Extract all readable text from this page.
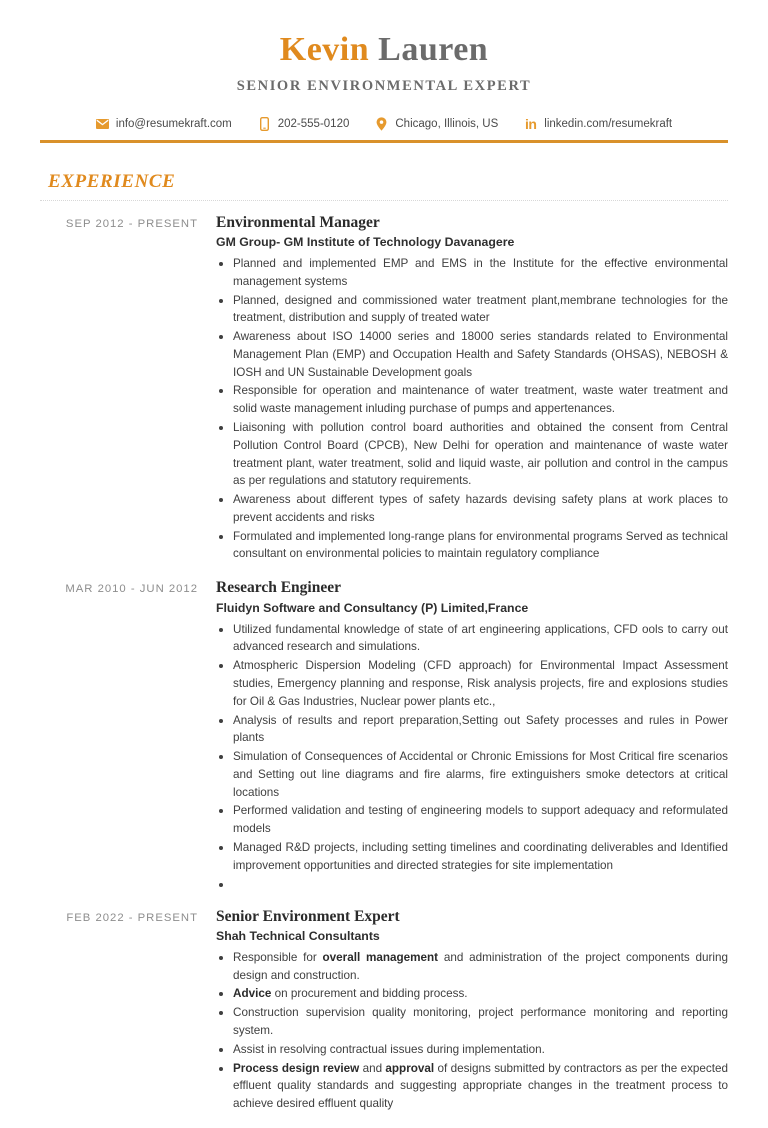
Kevin Lauren
SENIOR ENVIRONMENTAL EXPERT
info@resumekraft.com	202-555-0120	Chicago, Illinois, US in linkedin.com/resumekraft
EXPERIENCE
SEP 2012 - PRESENT	Environmental Manager
GM Group- GM Institute of Technology Davanagere
Planned and implemented EMP and EMS in the Institute for the effective environmental management systems
Planned, designed and commissioned water treatment plant,membrane technologies for the treatment, distribution and supply of treated water
Awareness about ISO 14000 series and 18000 series standards related to Environmental Management Plan (EMP) and Occupation Health and Safety Standards (OHSAS), NEBOSH & IOSH and UN Sustainable Development goals
Responsible for operation and maintenance of water treatment, waste water treatment and solid waste management inluding purchase of pumps and appertenances.
Liaisoning with pollution control board authorities and obtained the consent from Central Pollution Control Board (CPCB), New Delhi for operation and maintenance of waste water treatment plant, water treatment, solid and liquid waste, air pollution and control in the campus as per regulations and statutory requirements.
Awareness about different types of safety hazards devising safety plans at work places to prevent accidents and risks
Formulated and implemented long-range plans for environmental programs Served as technical consultant on environmental policies to maintain regulatory compliance
MAR 2010 - JUN 2012	Research Engineer
Fluidyn Software and Consultancy (P) Limited,France
Utilized fundamental knowledge of state of art engineering applications, CFD ools to carry out advanced research and simulations.
Atmospheric Dispersion Modeling (CFD approach) for Environmental Impact Assessment studies, Emergency planning and response, Risk analysis projects, fire and explosions studies for Oil & Gas Industries, Nuclear power plants etc.,
Analysis of results and report preparation,Setting out Safety processes and rules in Power plants
Simulation of Consequences of Accidental or Chronic Emissions for Most Critical fire scenarios and Setting out line diagrams and fire alarms, fire extinguishers smoke detectors at critical locations
Performed validation and testing of engineering models to support adequacy and reformulated models
Managed R&D projects, including setting timelines and coordinating deliverables and Identified improvement opportunities and directed strategies for site implementation
FEB 2022 - PRESENT	Senior Environment Expert
Shah Technical Consultants
Responsible for overall management and administration of the project components during design and construction.
Advice on procurement and bidding process.
Construction supervision quality monitoring, project performance monitoring and reporting system.
Assist in resolving contractual issues during implementation.
Process design review and approval of designs submitted by contractors as per the expected effluent quality standards and suggesting appropriate changes in the treatment process to achieve desired effluent quality
